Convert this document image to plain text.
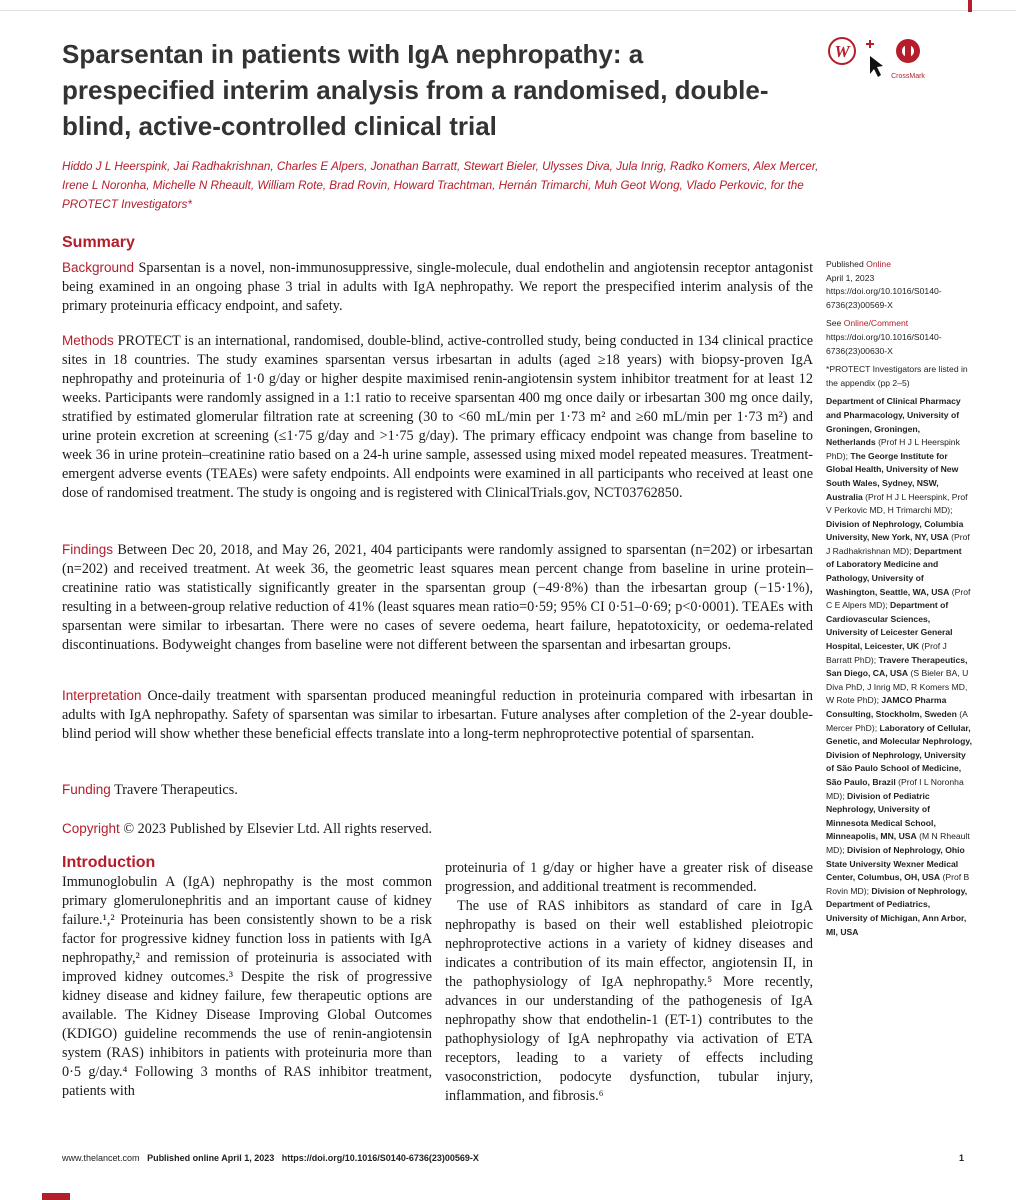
Sparsentan in patients with IgA nephropathy: a prespecified interim analysis from a randomised, double-blind, active-controlled clinical trial
W
CrossMark

Hiddo J L Heerspink, Jai Radhakrishnan, Charles E Alpers, Jonathan Barratt, Stewart Bieler, Ulysses Diva, Jula Inrig, Radko Komers, Alex Mercer, Irene L Noronha, Michelle N Rheault, William Rote, Brad Rovin, Howard Trachtman, Hernán Trimarchi, Muh Geot Wong, Vlado Perkovic, for the PROTECT Investigators*

Summary

Background Sparsentan is a novel, non-immunosuppressive, single-molecule, dual endothelin and angiotensin receptor antagonist being examined in an ongoing phase 3 trial in adults with IgA nephropathy. We report the prespecified interim analysis of the primary proteinuria efficacy endpoint, and safety.

Methods PROTECT is an international, randomised, double-blind, active-controlled study, being conducted in 134 clinical practice sites in 18 countries. The study examines sparsentan versus irbesartan in adults (aged ≥18 years) with biopsy-proven IgA nephropathy and proteinuria of 1·0 g/day or higher despite maximised renin-angiotensin system inhibitor treatment for at least 12 weeks. Participants were randomly assigned in a 1:1 ratio to receive sparsentan 400 mg once daily or irbesartan 300 mg once daily, stratified by estimated glomerular filtration rate at screening (30 to <60 mL/min per 1·73 m² and ≥60 mL/min per 1·73 m²) and urine protein excretion at screening (≤1·75 g/day and >1·75 g/day). The primary efficacy endpoint was change from baseline to week 36 in urine protein–creatinine ratio based on a 24-h urine sample, assessed using mixed model repeated measures. Treatment-emergent adverse events (TEAEs) were safety endpoints. All endpoints were examined in all participants who received at least one dose of randomised treatment. The study is ongoing and is registered with ClinicalTrials.gov, NCT03762850.

Findings Between Dec 20, 2018, and May 26, 2021, 404 participants were randomly assigned to sparsentan (n=202) or irbesartan (n=202) and received treatment. At week 36, the geometric least squares mean percent change from baseline in urine protein–creatinine ratio was statistically significantly greater in the sparsentan group (−49·8%) than the irbesartan group (−15·1%), resulting in a between-group relative reduction of 41% (least squares mean ratio=0·59; 95% CI 0·51–0·69; p<0·0001). TEAEs with sparsentan were similar to irbesartan. There were no cases of severe oedema, heart failure, hepatotoxicity, or oedema-related discontinuations. Bodyweight changes from baseline were not different between the sparsentan and irbesartan groups.

Interpretation Once-daily treatment with sparsentan produced meaningful reduction in proteinuria compared with irbesartan in adults with IgA nephropathy. Safety of sparsentan was similar to irbesartan. Future analyses after completion of the 2-year double-blind period will show whether these beneficial effects translate into a long-term nephroprotective potential of sparsentan.

Funding Travere Therapeutics.

Copyright © 2023 Published by Elsevier Ltd. All rights reserved.

Introduction

Immunoglobulin A (IgA) nephropathy is the most common primary glomerulonephritis and an important cause of kidney failure.¹,² Proteinuria has been consistently shown to be a risk factor for progressive kidney function loss in patients with IgA nephropathy,² and remission of proteinuria is associated with improved kidney outcomes.³ Despite the risk of progressive kidney disease and kidney failure, few therapeutic options are available. The Kidney Disease Improving Global Outcomes (KDIGO) guideline recommends the use of renin-angiotensin system (RAS) inhibitors in patients with proteinuria more than 0·5 g/day.⁴ Following 3 months of RAS inhibitor treatment, patients with

proteinuria of 1 g/day or higher have a greater risk of disease progression, and additional treatment is recommended.

The use of RAS inhibitors as standard of care in IgA nephropathy is based on their well established pleiotropic nephroprotective actions in a variety of kidney diseases and indicates a contribution of its main effector, angiotensin II, in the pathophysiology of IgA nephropathy.⁵ More recently, advances in our understanding of the pathogenesis of IgA nephropathy show that endothelin-1 (ET-1) contributes to the pathophysiology of IgA nephropathy via activation of ETA receptors, leading to a variety of effects including vasoconstriction, podocyte dysfunction, tubular injury, inflammation, and fibrosis.⁶

Published Online
April 1, 2023
https://doi.org/10.1016/S0140-6736(23)00569-X

See Online/Comment
https://doi.org/10.1016/S0140-6736(23)00630-X

*PROTECT Investigators are listed in the appendix (pp 2–5)

Department of Clinical Pharmacy and Pharmacology, University of Groningen, Groningen, Netherlands (Prof H J L Heerspink PhD); The George Institute for Global Health, University of New South Wales, Sydney, NSW, Australia (Prof H J L Heerspink, Prof V Perkovic MD, H Trimarchi MD); Division of Nephrology, Columbia University, New York, NY, USA (Prof J Radhakrishnan MD); Department of Laboratory Medicine and Pathology, University of Washington, Seattle, WA, USA (Prof C E Alpers MD); Department of Cardiovascular Sciences, University of Leicester General Hospital, Leicester, UK (Prof J Barratt PhD); Travere Therapeutics, San Diego, CA, USA (S Bieler BA, U Diva PhD, J Inrig MD, R Komers MD, W Rote PhD); JAMCO Pharma Consulting, Stockholm, Sweden (A Mercer PhD); Laboratory of Cellular, Genetic, and Molecular Nephrology, Division of Nephrology, University of São Paulo School of Medicine, São Paulo, Brazil (Prof I L Noronha MD); Division of Pediatric Nephrology, University of Minnesota Medical School, Minneapolis, MN, USA (M N Rheault MD); Division of Nephrology, Ohio State University Wexner Medical Center, Columbus, OH, USA (Prof B Rovin MD); Division of Nephrology, Department of Pediatrics, University of Michigan, Ann Arbor, MI, USA

www.thelancet.com Published online April 1, 2023 https://doi.org/10.1016/S0140-6736(23)00569-X	1
